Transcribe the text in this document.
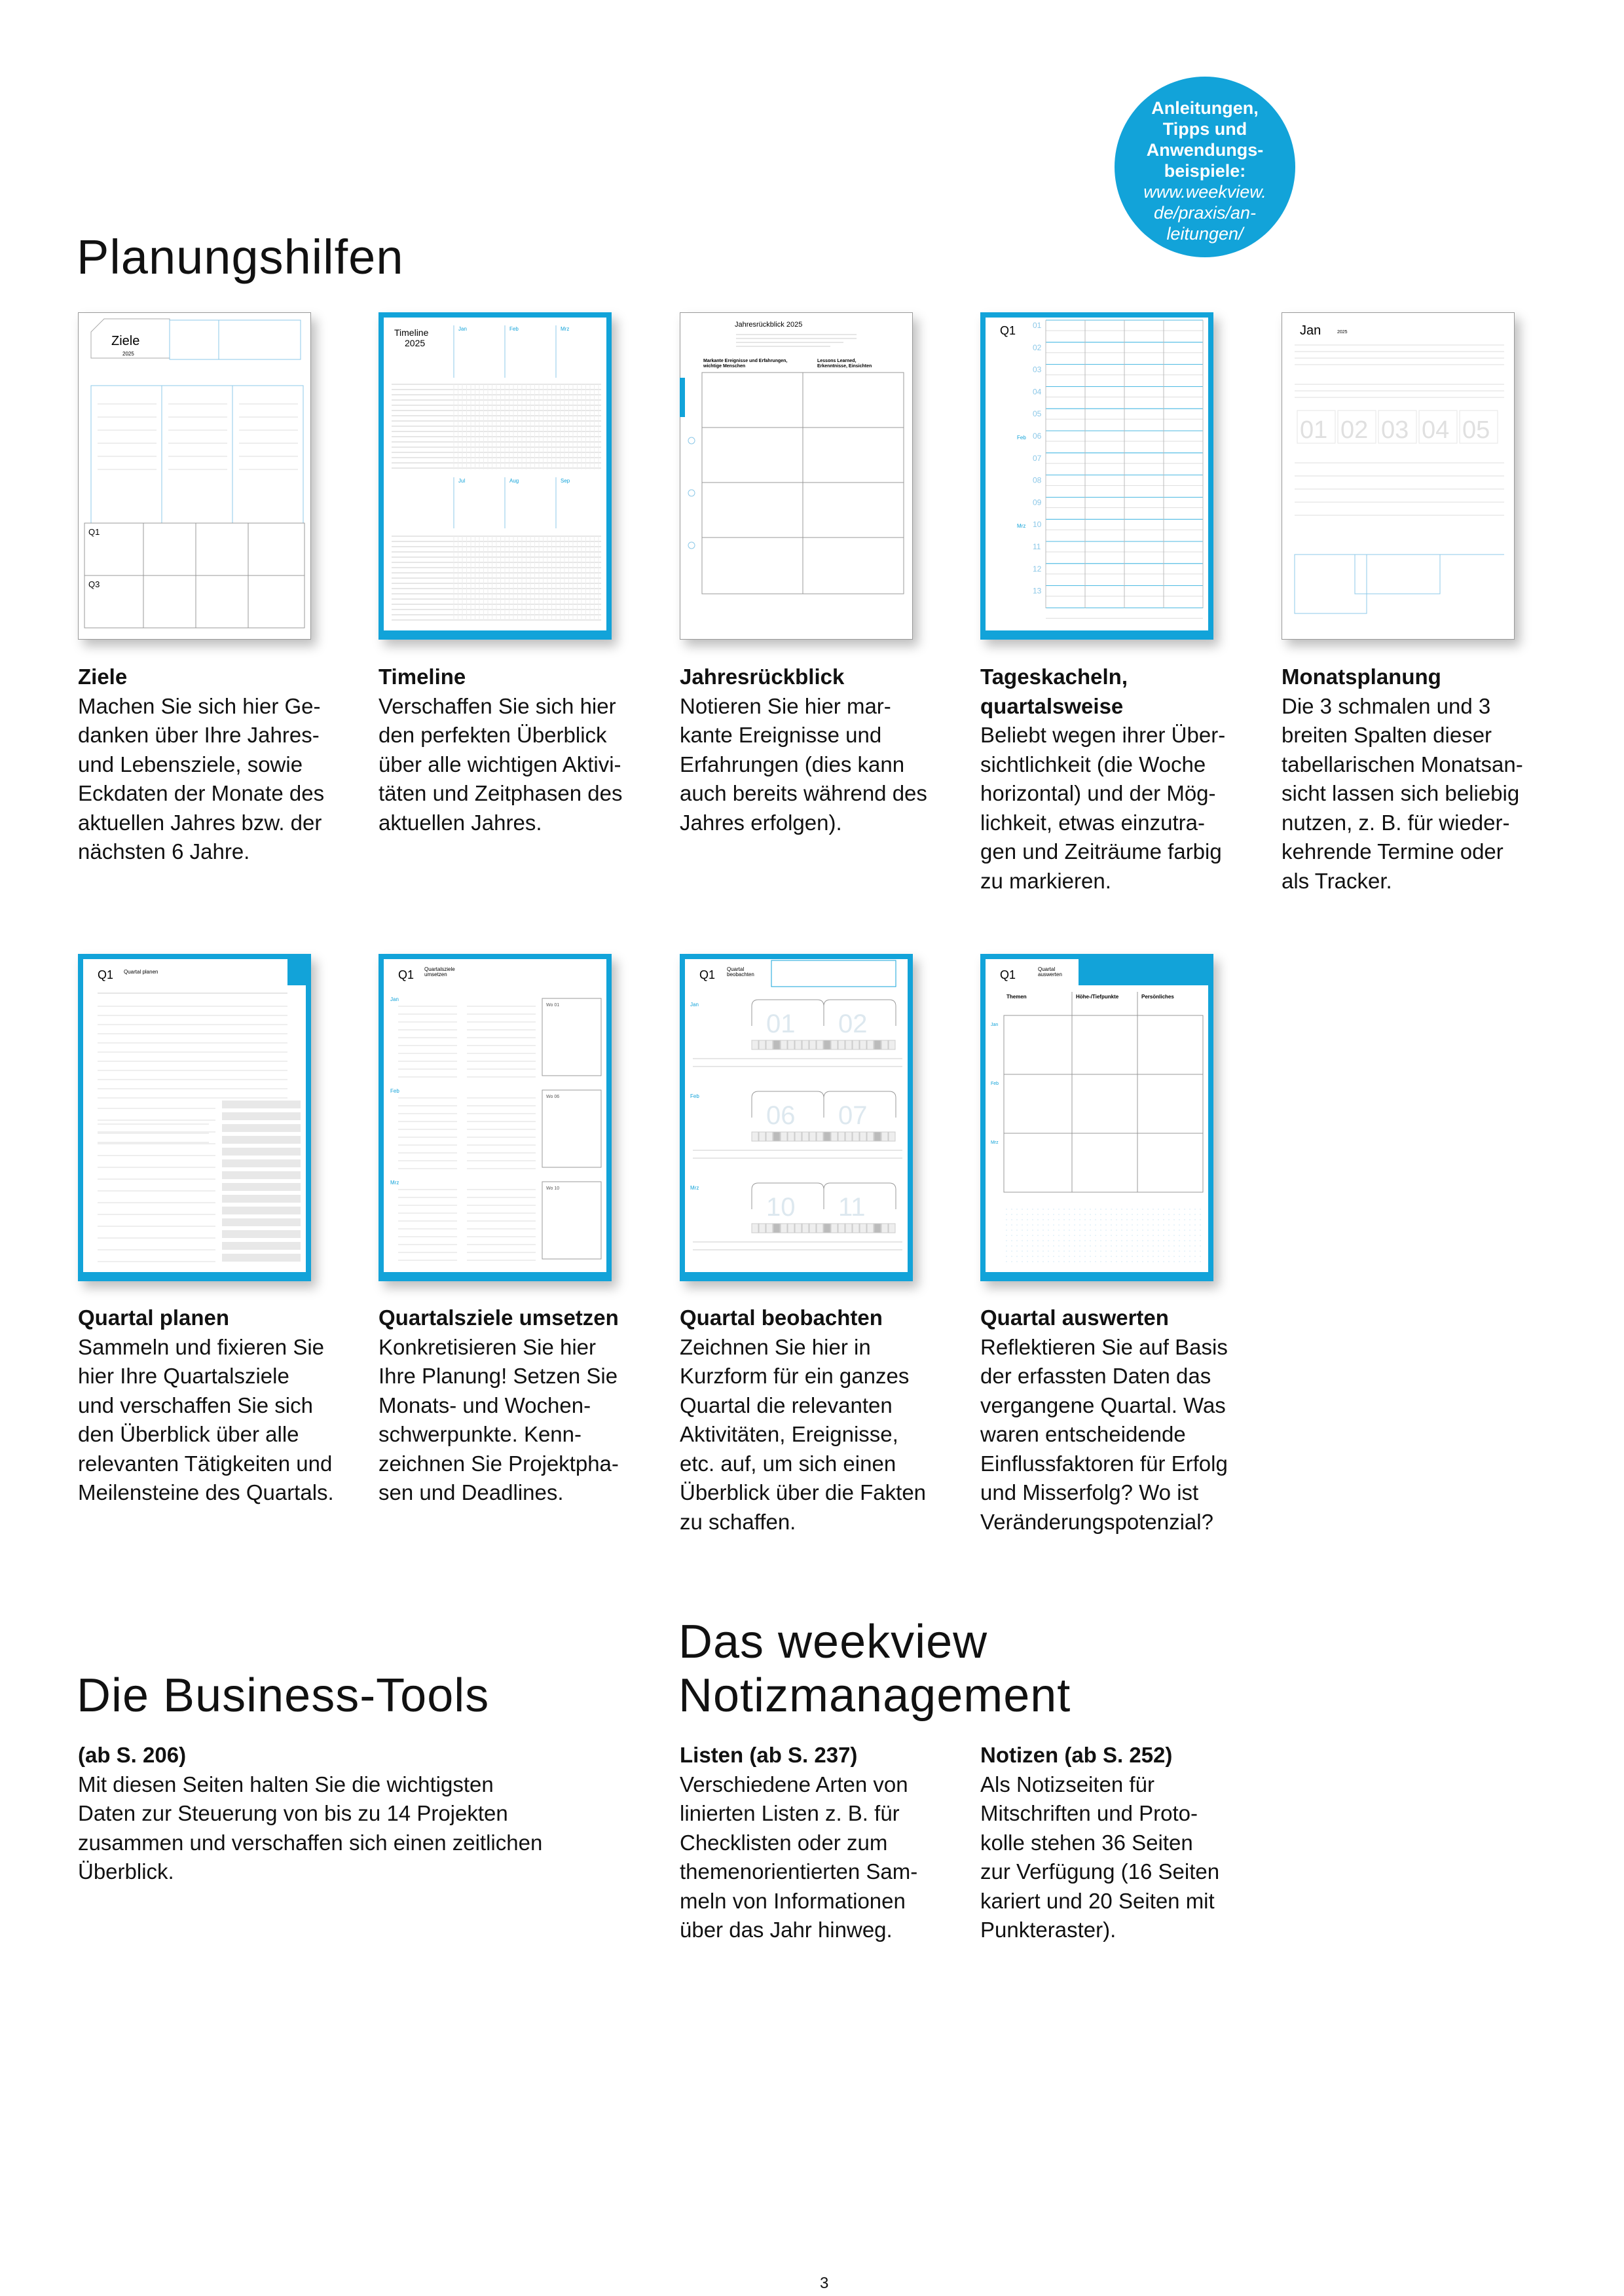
Anleitungen,
Tipps und
Anwendungs-
beispiele:
www.weekview.
de/praxis/an-
leitungen/
Planungshilfen
Ziele
2025
Q1
Q3
Timeline
2025
Jan	Feb	Mrz
Jul	Aug	Sep
Jahresrückblick 2025
Markante Ereignisse und Erfahrungen,
wichtige Menschen
Lessons Learned,
Erkenntnisse, Einsichten
Q1 01
02
03
04
05
06
07
08
09
10
11
12
13
Feb
Mrz
Jan	2025
01 02 03 04 05
Ziele
Machen Sie sich hier Ge-
danken über Ihre Jahres-
und Lebensziele, sowie
Eckdaten der Monate des
aktuellen Jahres bzw. der
nächsten 6 Jahre.
Timeline
Verschaffen Sie sich hier
den perfekten Überblick
über alle wichtigen Aktivi-
täten und Zeitphasen des
aktuellen Jahres.
Jahresrückblick
Notieren Sie hier mar-
kante Ereignisse und
Erfahrungen (dies kann
auch bereits während des
Jahres erfolgen).
Tageskacheln,
quartalsweise
Beliebt wegen ihrer Über-
sichtlichkeit (die Woche
horizontal) und der Mög-
lichkeit, etwas einzutra-
gen und Zeiträume farbig
zu markieren.
Monatsplanung
Die 3 schmalen und 3
breiten Spalten dieser
tabellarischen Monatsan-
sicht lassen sich beliebig
nutzen, z. B. für wieder-
kehrende Termine oder
als Tracker.
Q1 Quartal planen	Q1 Quartalsziele
umsetzen
Jan
Feb
Mrz
Wo 01
Wo 06
Wo 10
Q1 Quartal
beobachten
Jan
Feb
Mrz
01 02
06 07
10 11
Q1	Quartal
auswerten
Themen	Höhe-/Tiefpunkte	Persönliches
Jan
Feb
Mrz
Quartal planen
Sammeln und fixieren Sie
hier Ihre Quartalsziele
und verschaffen Sie sich
den Überblick über alle
relevanten Tätigkeiten und
Meilensteine des Quartals.
Quartalsziele umsetzen
Konkretisieren Sie hier
Ihre Planung! Setzen Sie
Monats- und Wochen-
schwerpunkte. Kenn-
zeichnen Sie Projektpha-
sen und Deadlines.
Quartal beobachten
Zeichnen Sie hier in
Kurzform für ein ganzes
Quartal die relevanten
Aktivitäten, Ereignisse,
etc. auf, um sich einen
Überblick über die Fakten
zu schaffen.
Quartal auswerten
Reflektieren Sie auf Basis
der erfassten Daten das
vergangene Quartal. Was
waren entscheidende
Einflussfaktoren für Erfolg
und Misserfolg? Wo ist
Veränderungspotenzial?
Die Business-Tools
Das weekview
Notizmanagement
(ab S. 206)
Mit diesen Seiten halten Sie die wichtigsten
Daten zur Steuerung von bis zu 14 Projekten
zusammen und verschaffen sich einen zeitlichen
Überblick.
Listen (ab S. 237)
Verschiedene Arten von
linierten Listen z. B. für
Checklisten oder zum
themenorientierten Sam-
meln von Informationen
über das Jahr hinweg.
Notizen (ab S. 252)
Als Notizseiten für
Mitschriften und Proto-
kolle stehen 36 Seiten
zur Verfügung (16 Seiten
kariert und 20 Seiten mit
Punkteraster).
3
